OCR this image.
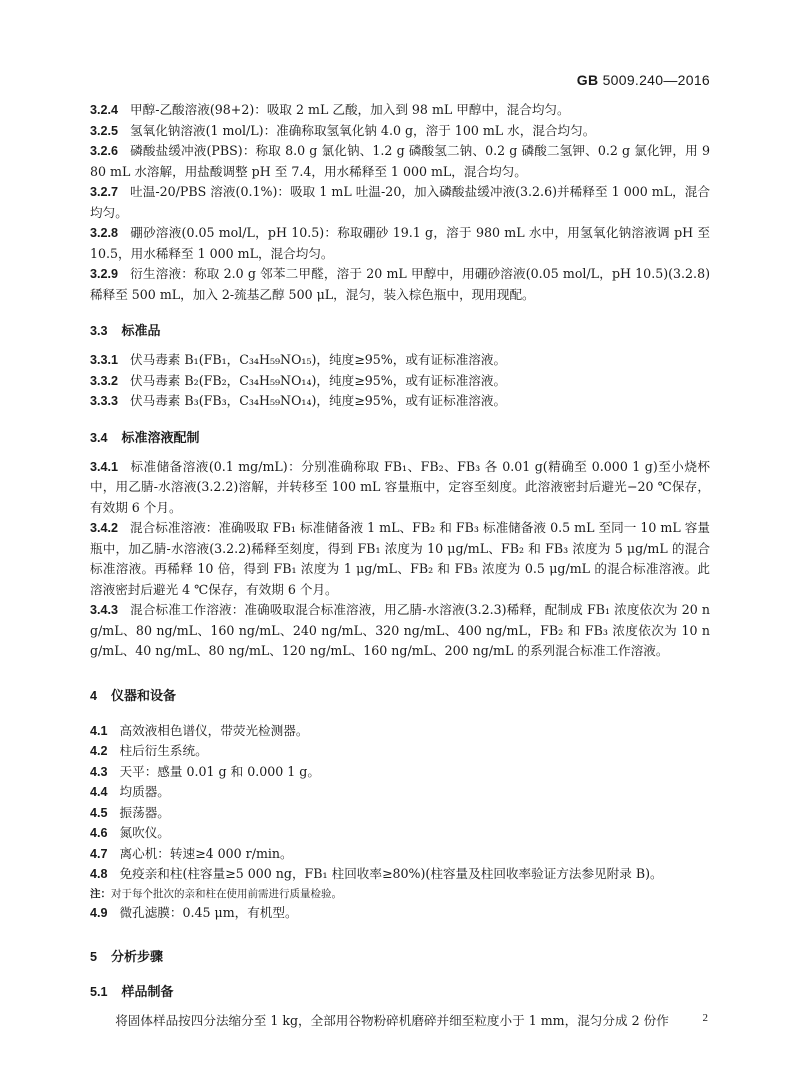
GB 5009.240—2016

3.2.4 甲醇-乙酸溶液(98+2)：吸取 2 mL 乙酸，加入到 98 mL 甲醇中，混合均匀。

3.2.5 氢氧化钠溶液(1 mol/L)：准确称取氢氧化钠 4.0 g，溶于 100 mL 水，混合均匀。

3.2.6 磷酸盐缓冲液(PBS)：称取 8.0 g 氯化钠、1.2 g 磷酸氢二钠、0.2 g 磷酸二氢钾、0.2 g 氯化钾，用 980 mL 水溶解，用盐酸调整 pH 至 7.4，用水稀释至 1 000 mL，混合均匀。

3.2.7 吐温-20/PBS 溶液(0.1%)：吸取 1 mL 吐温-20，加入磷酸盐缓冲液(3.2.6)并稀释至 1 000 mL，混合均匀。

3.2.8 硼砂溶液(0.05 mol/L，pH 10.5)：称取硼砂 19.1 g，溶于 980 mL 水中，用氢氧化钠溶液调 pH 至 10.5，用水稀释至 1 000 mL，混合均匀。

3.2.9 衍生溶液：称取 2.0 g 邻苯二甲醛，溶于 20 mL 甲醇中，用硼砂溶液(0.05 mol/L，pH 10.5)(3.2.8)稀释至 500 mL，加入 2-巯基乙醇 500 μL，混匀，装入棕色瓶中，现用现配。

3.3 标准品

3.3.1 伏马毒素 B₁(FB₁，C₃₄H₅₉NO₁₅)，纯度≥95%，或有证标准溶液。

3.3.2 伏马毒素 B₂(FB₂，C₃₄H₅₉NO₁₄)，纯度≥95%，或有证标准溶液。

3.3.3 伏马毒素 B₃(FB₃，C₃₄H₅₉NO₁₄)，纯度≥95%，或有证标准溶液。

3.4 标准溶液配制

3.4.1 标准储备溶液(0.1 mg/mL)：分别准确称取 FB₁、FB₂、FB₃ 各 0.01 g(精确至 0.000 1 g)至小烧杯中，用乙腈-水溶液(3.2.2)溶解，并转移至 100 mL 容量瓶中，定容至刻度。此溶液密封后避光−20 ℃保存，有效期 6 个月。

3.4.2 混合标准溶液：准确吸取 FB₁ 标准储备液 1 mL、FB₂ 和 FB₃ 标准储备液 0.5 mL 至同一 10 mL 容量瓶中，加乙腈-水溶液(3.2.2)稀释至刻度，得到 FB₁ 浓度为 10 μg/mL、FB₂ 和 FB₃ 浓度为 5 μg/mL 的混合标准溶液。再稀释 10 倍，得到 FB₁ 浓度为 1 μg/mL、FB₂ 和 FB₃ 浓度为 0.5 μg/mL 的混合标准溶液。此溶液密封后避光 4 ℃保存，有效期 6 个月。

3.4.3 混合标准工作溶液：准确吸取混合标准溶液，用乙腈-水溶液(3.2.3)稀释，配制成 FB₁ 浓度依次为 20 ng/mL、80 ng/mL、160 ng/mL、240 ng/mL、320 ng/mL、400 ng/mL，FB₂ 和 FB₃ 浓度依次为 10 ng/mL、40 ng/mL、80 ng/mL、120 ng/mL、160 ng/mL、200 ng/mL 的系列混合标准工作溶液。

4 仪器和设备

4.1 高效液相色谱仪，带荧光检测器。

4.2 柱后衍生系统。

4.3 天平：感量 0.01 g 和 0.000 1 g。

4.4 均质器。

4.5 振荡器。

4.6 氮吹仪。

4.7 离心机：转速≥4 000 r/min。

4.8 免疫亲和柱(柱容量≥5 000 ng，FB₁ 柱回收率≥80%)(柱容量及柱回收率验证方法参见附录 B)。

注：对于每个批次的亲和柱在使用前需进行质量检验。

4.9 微孔滤膜：0.45 μm，有机型。

5 分析步骤

5.1 样品制备

将固体样品按四分法缩分至 1 kg，全部用谷物粉碎机磨碎并细至粒度小于 1 mm，混匀分成 2 份作	2
